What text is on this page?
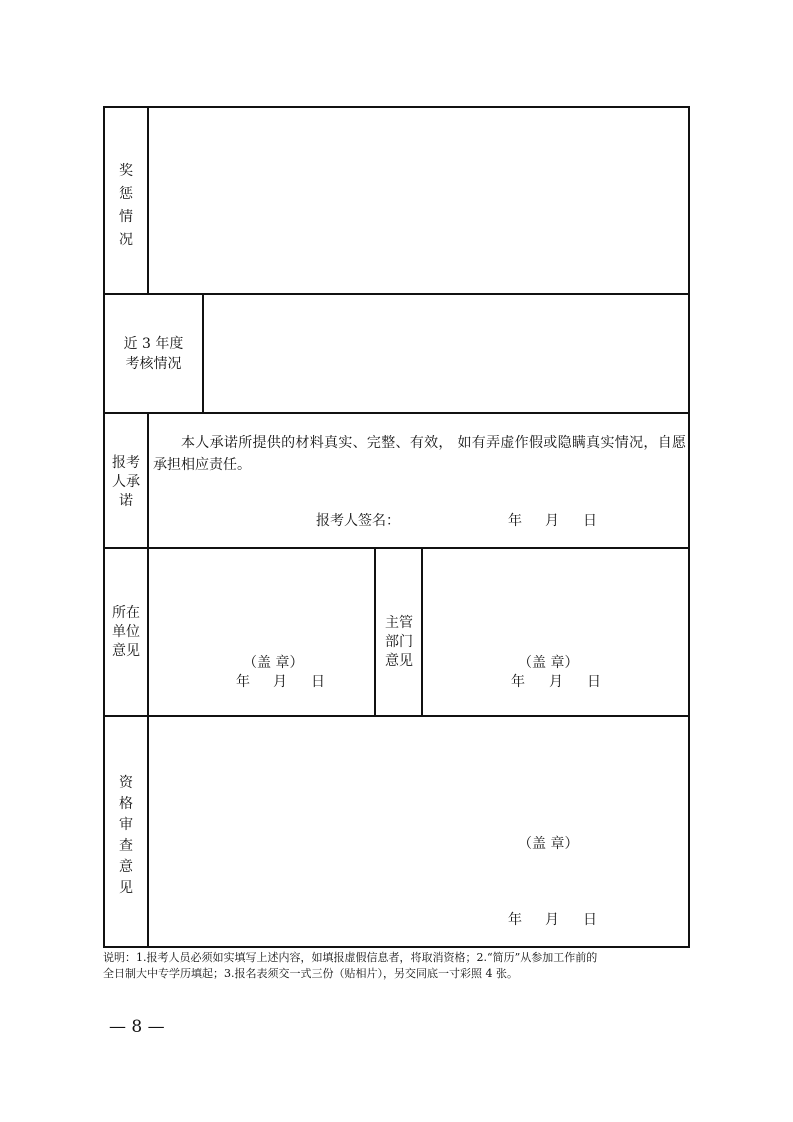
奖
惩
情
况
近 3 年度
考核情况
报考
人承
诺
本人承诺所提供的材料真实、完整、有效， 如有弄虚作假或隐瞒真实情况，自愿承担相应责任。
报考人签名：	年 月 日
所在
单位
意见
（盖 章）
年 月 日
主管
部门
意见	（盖 章）
年 月 日
资
格
审
查
意
见
（盖 章）
年 月 日
说明：1.报考人员必须如实填写上述内容，如填报虚假信息者，将取消资格；2.“简历”从参加工作前的
全日制大中专学历填起；3.报名表须交一式三份（贴相片），另交同底一寸彩照 4 张。
— 8 —
